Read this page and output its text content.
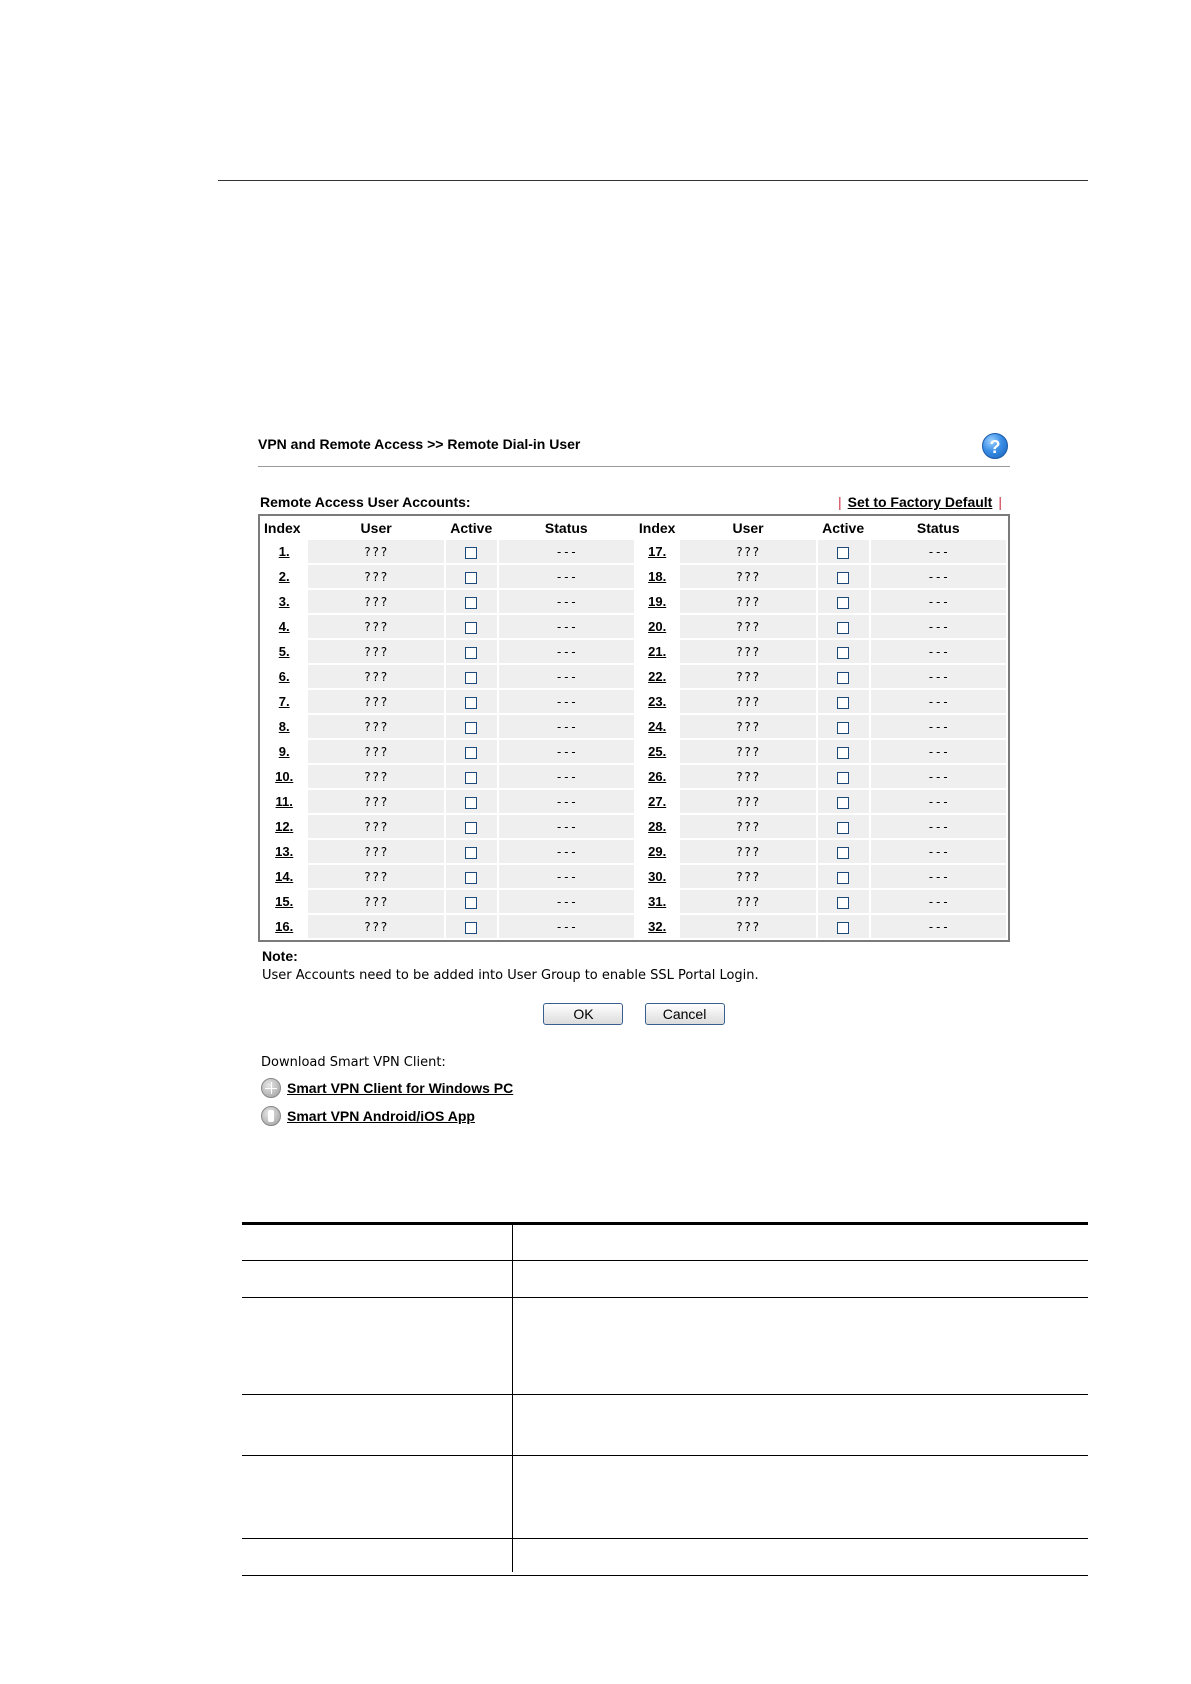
VPN and Remote Access >> Remote Dial-in User	?
Remote Access User Accounts:	| Set to Factory Default |
Index	User	Active	Status	Index	User	Active	Status
1.	???		---	17.	???		---
2.	???		---	18.	???		---
3.	???		---	19.	???		---
4.	???		---	20.	???		---
5.	???		---	21.	???		---
6.	???		---	22.	???		---
7.	???		---	23.	???		---
8.	???		---	24.	???		---
9.	???		---	25.	???		---
10.	???		---	26.	???		---
11.	???		---	27.	???		---
12.	???		---	28.	???		---
13.	???		---	29.	???		---
14.	???		---	30.	???		---
15.	???		---	31.	???		---
16.	???		---	32.	???		---
Note:
User Accounts need to be added into User Group to enable SSL Portal Login.
OK	Cancel
Download Smart VPN Client:
Smart VPN Client for Windows PC
Smart VPN Android/iOS App
